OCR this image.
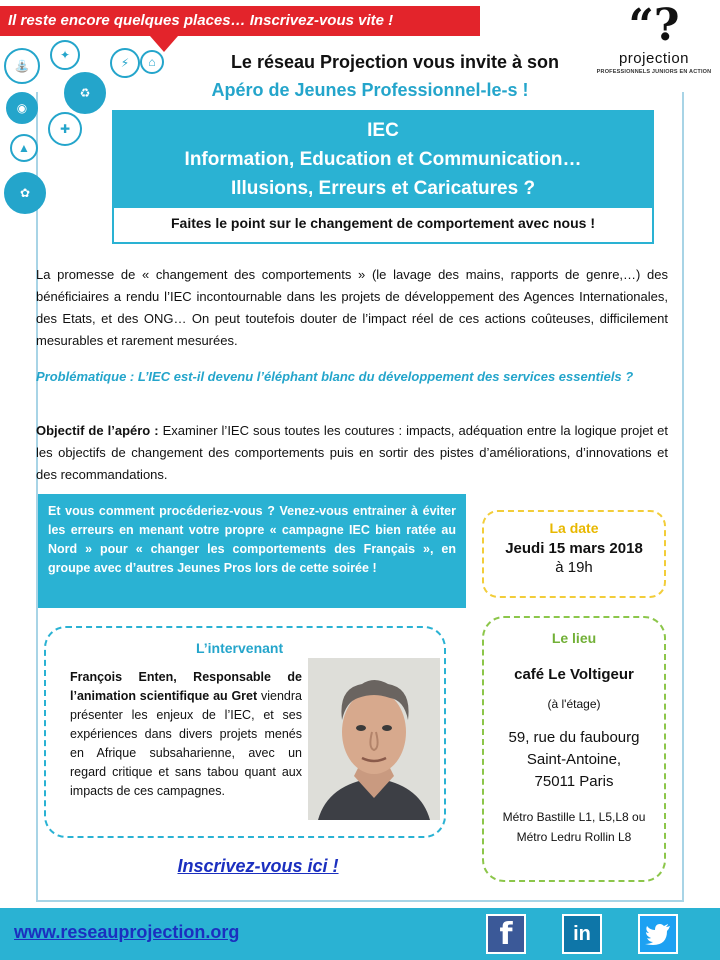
Il reste encore quelques places… Inscrivez-vous vite !
⛲
✦
♻
⚡	⌂
◉
✚
▲
✿
“?
projection
PROFESSIONNELS JUNIORS EN ACTION
Le réseau Projection vous invite à son
Apéro de Jeunes Professionnel-le-s !
IEC
Information, Education et Communication…
Illusions, Erreurs et Caricatures ?
Faites le point sur le changement de comportement avec nous !

La promesse de « changement des comportements » (le lavage des mains, rapports de genre,…) des bénéficiaires a rendu l’IEC incontournable dans les projets de développement des Agences Internationales, des Etats, et des ONG… On peut toutefois douter de l’impact réel de ces actions coûteuses, difficilement mesurables et rarement mesurées.

Problématique : L’IEC est-il devenu l’éléphant blanc du développement des services essentiels ?

Objectif de l’apéro : Examiner l’IEC sous toutes les coutures : impacts, adéquation entre la logique projet et les objectifs de changement des comportements puis en sortir des pistes d’améliorations, d’innovations et des recommandations.

Et vous comment procéderiez-vous ? Venez-vous entrainer à éviter les erreurs en menant votre propre « campagne IEC bien ratée au Nord » pour « changer les comportements des Français », en groupe avec d’autres Jeunes Pros lors de cette soirée !
La date
Jeudi 15 mars 2018
à 19h
L’intervenant

François Enten, Responsable de l’animation scientifique au Gret viendra présenter les enjeux de l’IEC, et ses expériences dans divers projets menés en Afrique subsaharienne, avec un regard critique et sans tabou quant aux impacts de ces campagnes.

Le lieu
café Le Voltigeur
(à l'étage)
59, rue du faubourg
Saint-Antoine,
75011 Paris
Métro Bastille L1, L5,L8 ou
Métro Ledru Rollin L8
Inscrivez-vous ici !
www.reseauprojection.org	f	in
